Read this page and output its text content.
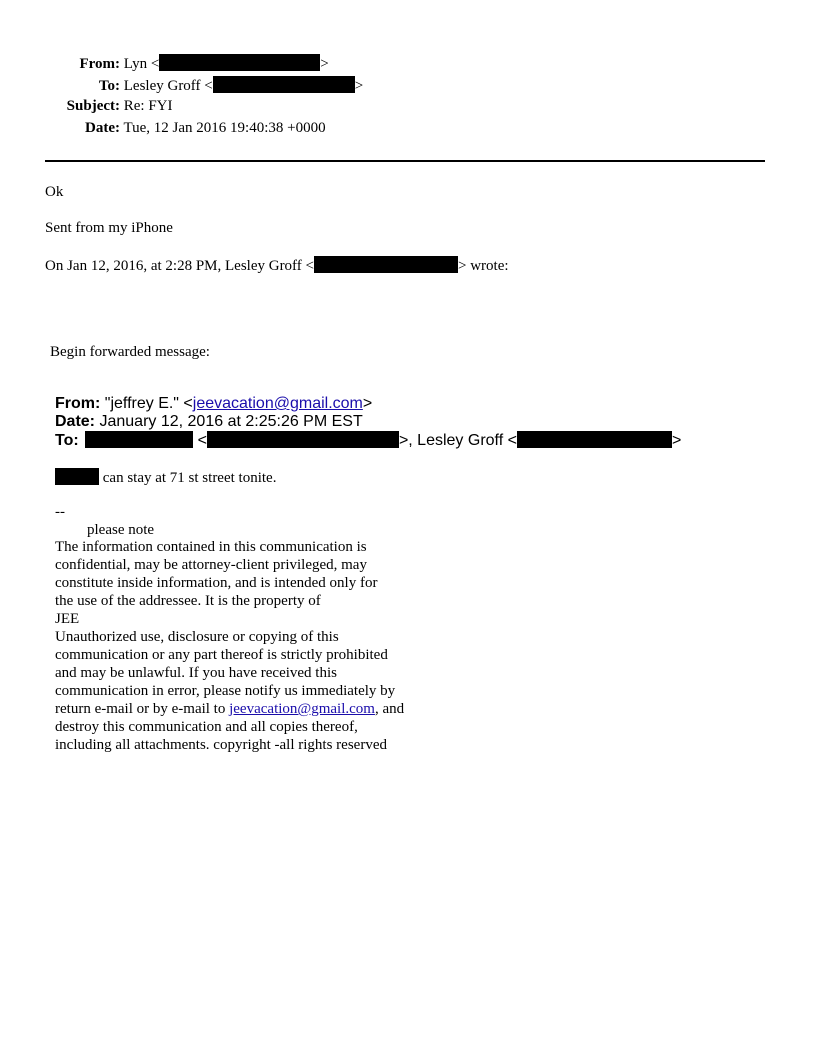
From: Lyn <	>
To: Lesley Groff <	>
Subject: Re: FYI
Date: Tue, 12 Jan 2016 19:40:38 +0000
Ok
Sent from my iPhone
On Jan 12, 2016, at 2:28 PM, Lesley Groff <	> wrote:
Begin forwarded message:
From: "jeffrey E." <jeevacation@gmail.com>
Date: January 12, 2016 at 2:25:26 PM EST
To:	<	>, Lesley Groff <	>
can stay at 71 st street tonite.
--
please note
The information contained in this communication is
confidential, may be attorney-client privileged, may
constitute inside information, and is intended only for
the use of the addressee. It is the property of
JEE
Unauthorized use, disclosure or copying of this
communication or any part thereof is strictly prohibited
and may be unlawful. If you have received this
communication in error, please notify us immediately by
return e-mail or by e-mail to jeevacation@gmail.com, and
destroy this communication and all copies thereof,
including all attachments. copyright -all rights reserved
